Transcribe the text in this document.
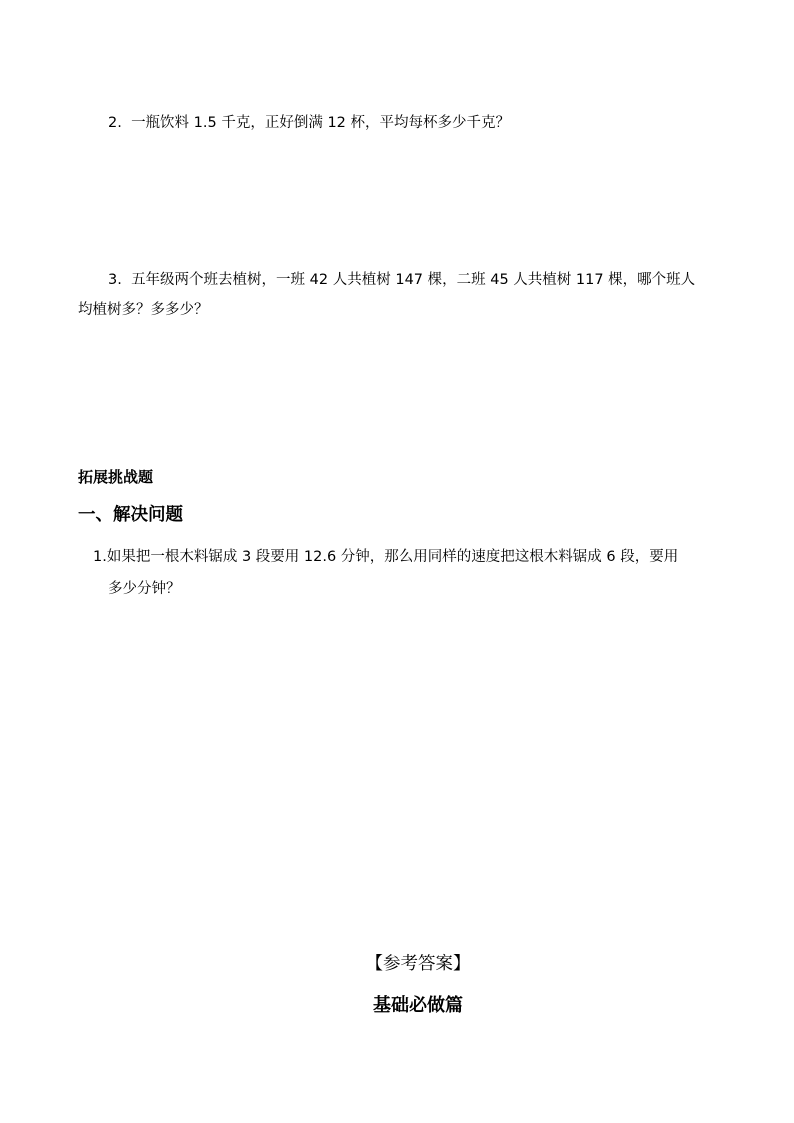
2. 一瓶饮料 1.5 千克，正好倒满 12 杯，平均每杯多少千克？
3. 五年级两个班去植树，一班 42 人共植树 147 棵，二班 45 人共植树 117 棵，哪个班人
均植树多？多多少？
拓展挑战题
一、解决问题
1.如果把一根木料锯成 3 段要用 12.6 分钟，那么用同样的速度把这根木料锯成 6 段，要用
多少分钟？
【参考答案】
基础必做篇
